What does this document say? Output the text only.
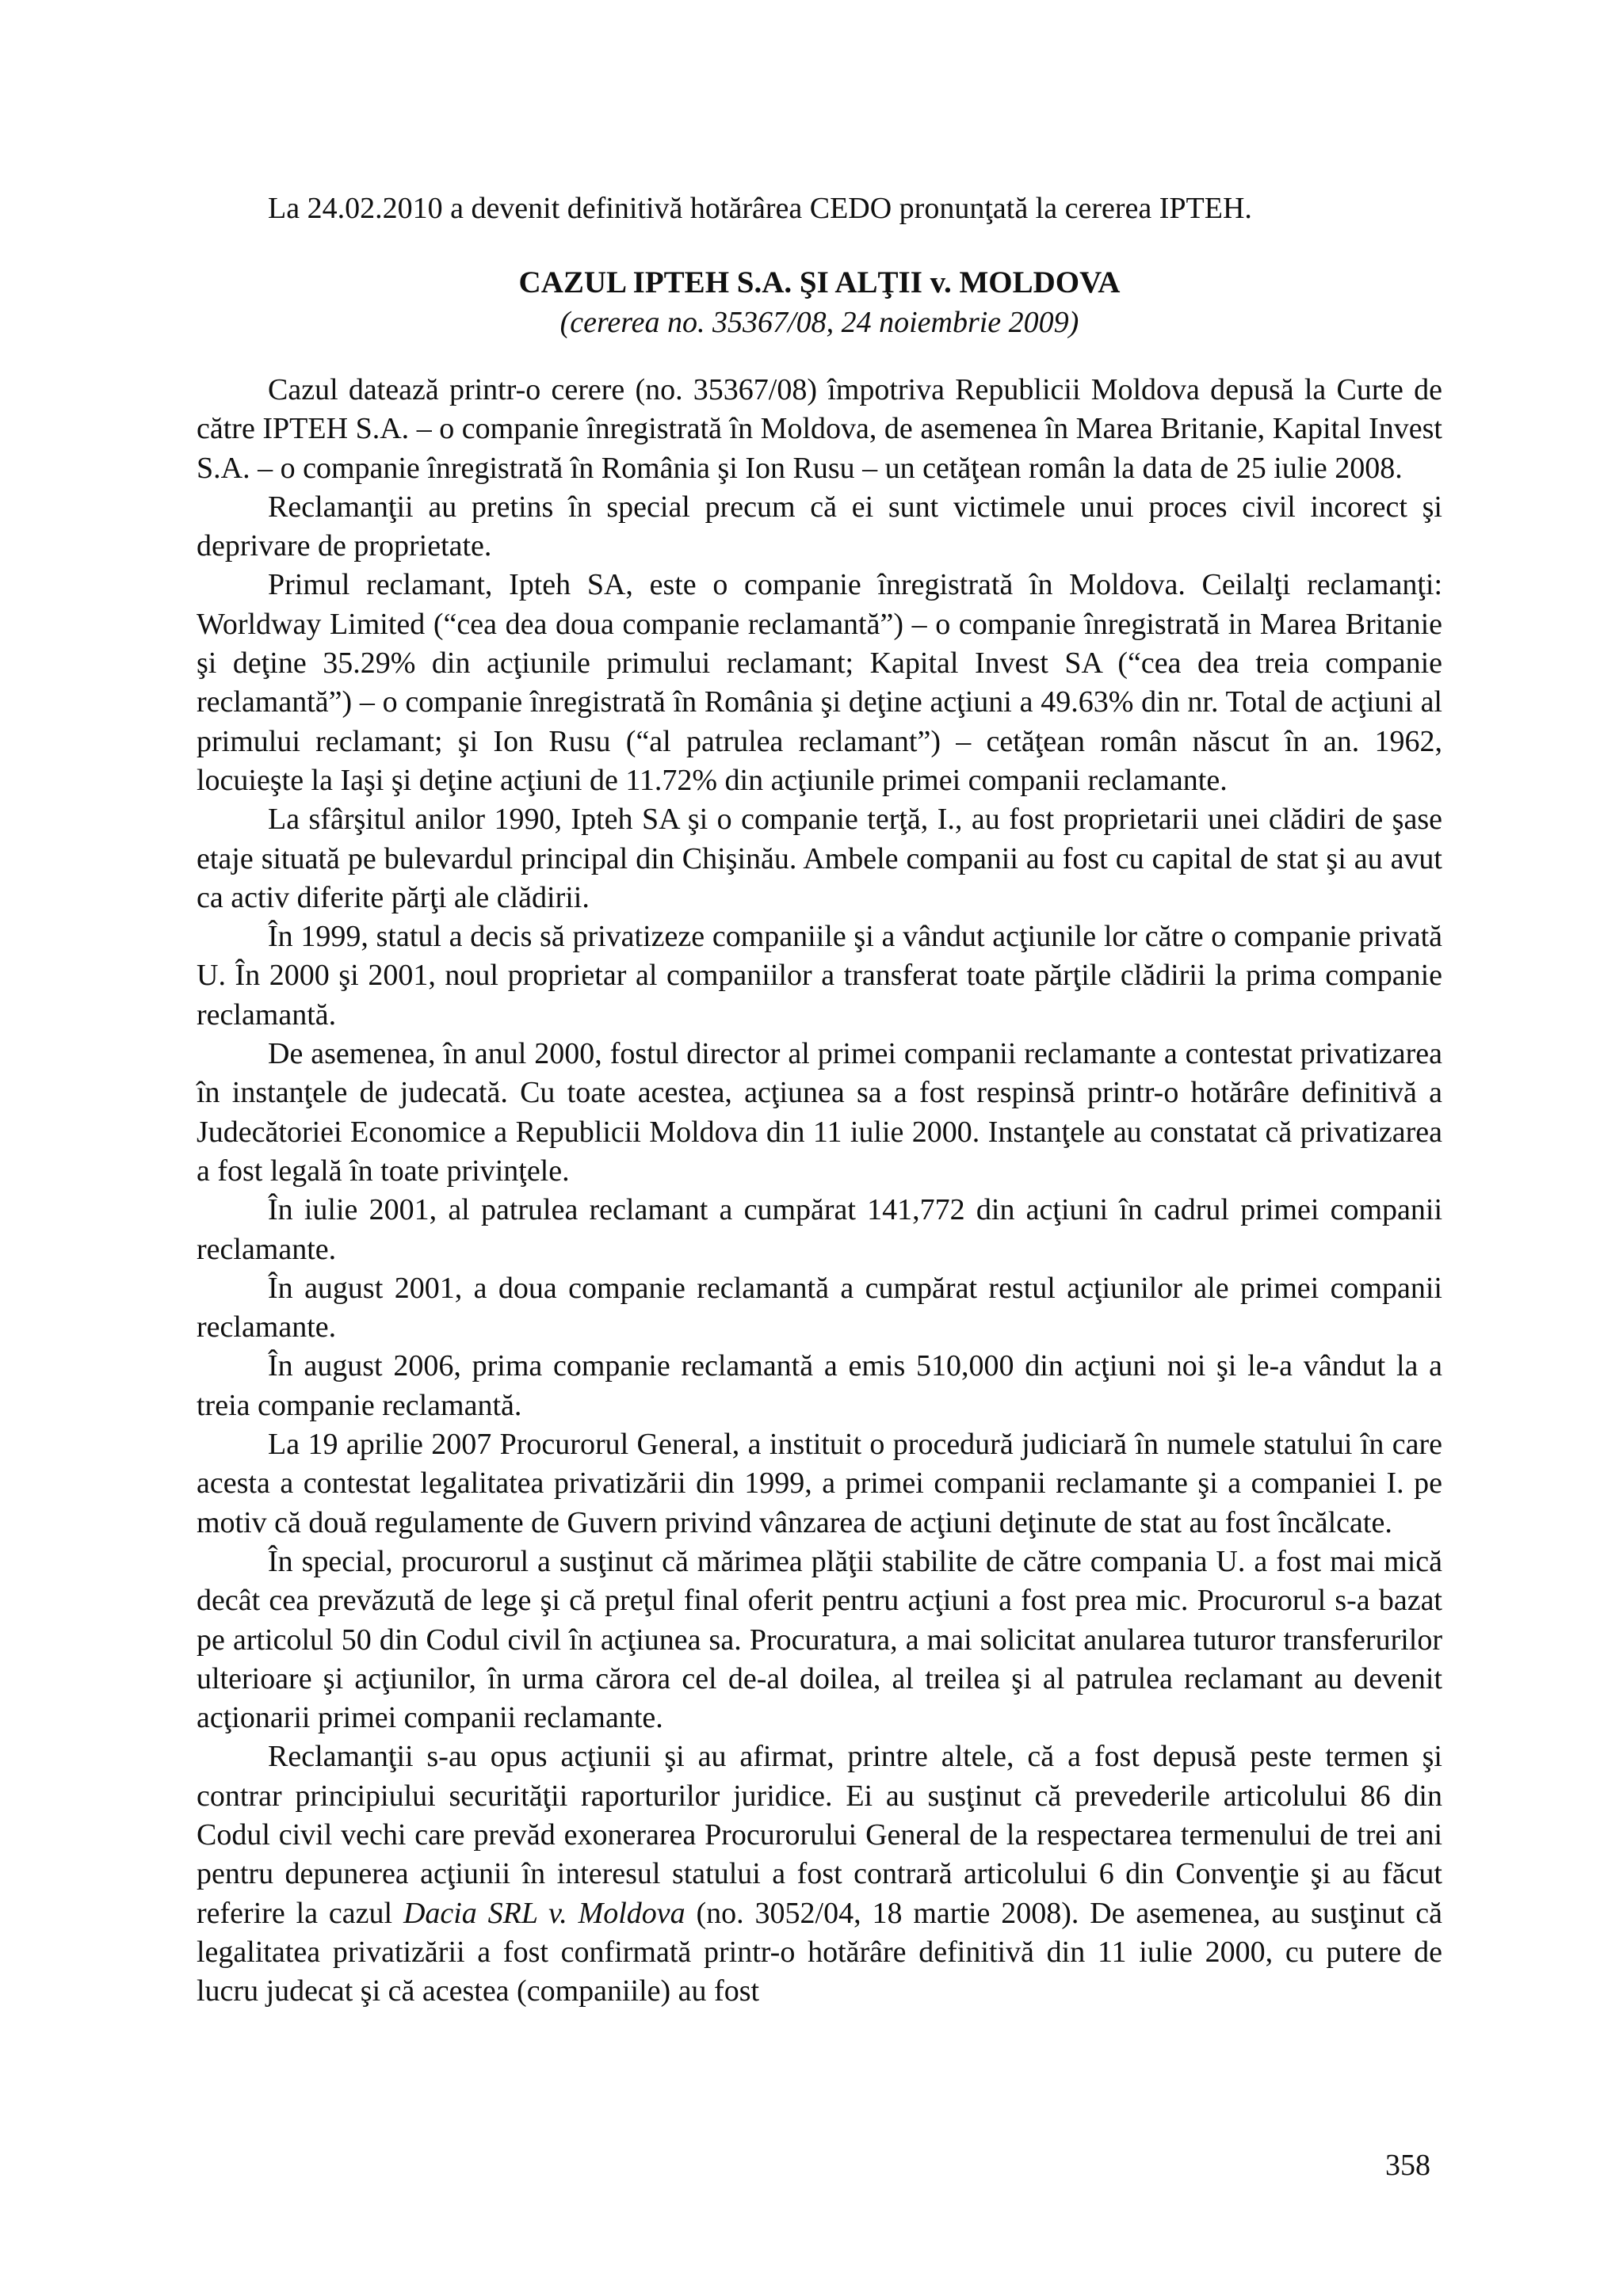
La 24.02.2010 a devenit definitivă hotărârea CEDO pronunţată la cererea IPTEH.

CAZUL IPTEH S.A. ŞI ALŢII v. MOLDOVA

(cererea no. 35367/08, 24 noiembrie 2009)

Cazul datează printr-o cerere (no. 35367/08) împotriva Republicii Moldova depusă la Curte de către IPTEH S.A. – o companie înregistrată în Moldova, de asemenea în Marea Britanie, Kapital Invest S.A. – o companie înregistrată în România şi Ion Rusu – un cetăţean român la data de 25 iulie 2008.

Reclamanţii au pretins în special precum că ei sunt victimele unui proces civil incorect şi deprivare de proprietate.

Primul reclamant, Ipteh SA, este o companie înregistrată în Moldova. Ceilalţi reclamanţi: Worldway Limited (“cea dea doua companie reclamantă”) – o companie înregistrată in Marea Britanie şi deţine 35.29% din acţiunile primului reclamant; Kapital Invest SA (“cea dea treia companie reclamantă”) – o companie înregistrată în România şi deţine acţiuni a 49.63% din nr. Total de acţiuni al primului reclamant; şi Ion Rusu (“al patrulea reclamant”) – cetăţean român născut în an. 1962, locuieşte la Iaşi şi deţine acţiuni de 11.72% din acţiunile primei companii reclamante.

La sfârşitul anilor 1990, Ipteh SA şi o companie terţă, I., au fost proprietarii unei clădiri de şase etaje situată pe bulevardul principal din Chişinău. Ambele companii au fost cu capital de stat şi au avut ca activ diferite părţi ale clădirii.

În 1999, statul a decis să privatizeze companiile şi a vândut acţiunile lor către o companie privată U. În 2000 şi 2001, noul proprietar al companiilor a transferat toate părţile clădirii la prima companie reclamantă.

De asemenea, în anul 2000, fostul director al primei companii reclamante a contestat privatizarea în instanţele de judecată. Cu toate acestea, acţiunea sa a fost respinsă printr-o hotărâre definitivă a Judecătoriei Economice a Republicii Moldova din 11 iulie 2000. Instanţele au constatat că privatizarea a fost legală în toate privinţele.

În iulie 2001, al patrulea reclamant a cumpărat 141,772 din acţiuni în cadrul primei companii reclamante.

În august 2001, a doua companie reclamantă a cumpărat restul acţiunilor ale primei companii reclamante.

În august 2006, prima companie reclamantă a emis 510,000 din acţiuni noi şi le-a vândut la a treia companie reclamantă.

La 19 aprilie 2007 Procurorul General, a instituit o procedură judiciară în numele statului în care acesta a contestat legalitatea privatizării din 1999, a primei companii reclamante şi a companiei I. pe motiv că două regulamente de Guvern privind vânzarea de acţiuni deţinute de stat au fost încălcate.

În special, procurorul a susţinut că mărimea plăţii stabilite de către compania U. a fost mai mică decât cea prevăzută de lege şi că preţul final oferit pentru acţiuni a fost prea mic. Procurorul s-a bazat pe articolul 50 din Codul civil în acţiunea sa. Procuratura, a mai solicitat anularea tuturor transferurilor ulterioare şi acţiunilor, în urma cărora cel de-al doilea, al treilea şi al patrulea reclamant au devenit acţionarii primei companii reclamante.

Reclamanţii s-au opus acţiunii şi au afirmat, printre altele, că a fost depusă peste termen şi contrar principiului securităţii raporturilor juridice. Ei au susţinut că prevederile articolului 86 din Codul civil vechi care prevăd exonerarea Procurorului General de la respectarea termenului de trei ani pentru depunerea acţiunii în interesul statului a fost contrară articolului 6 din Convenţie şi au făcut referire la cazul Dacia SRL v. Moldova (no. 3052/04, 18 martie 2008). De asemenea, au susţinut că legalitatea privatizării a fost confirmată printr-o hotărâre definitivă din 11 iulie 2000, cu putere de lucru judecat şi că acestea (companiile) au fost

358
